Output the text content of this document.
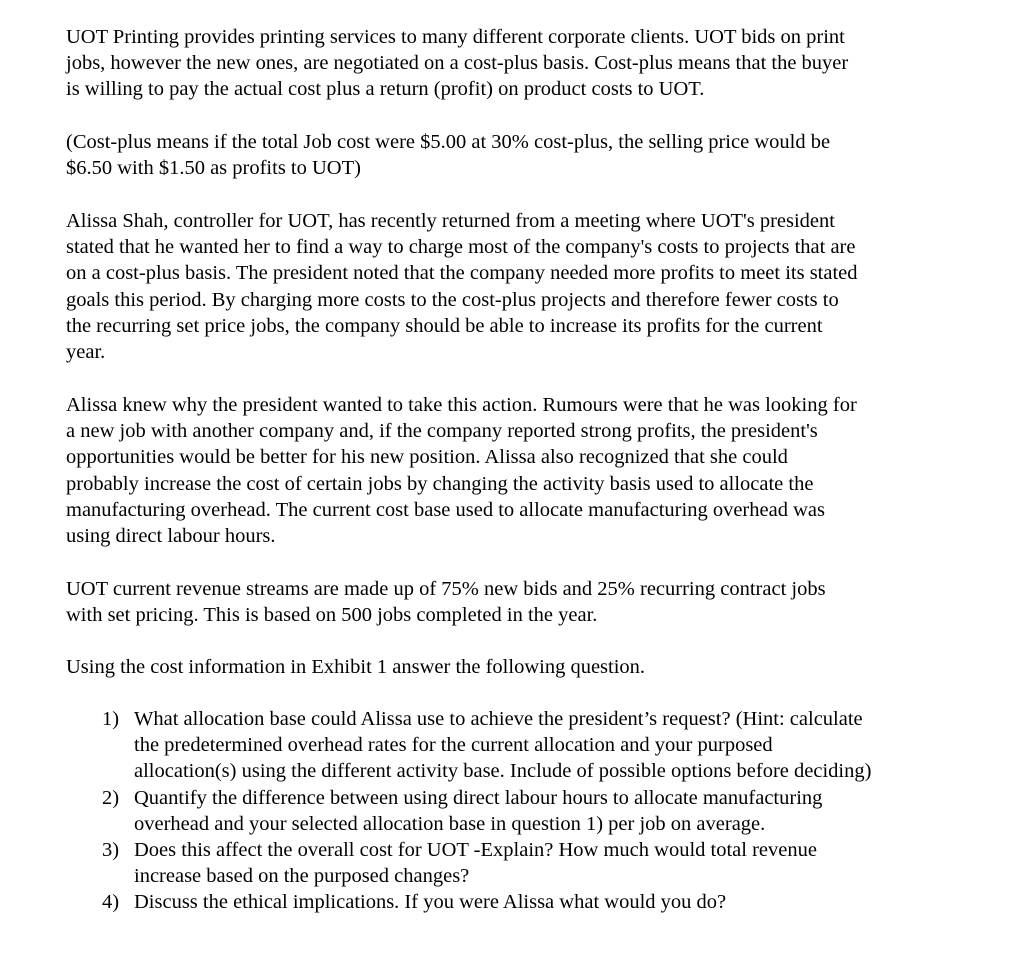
UOT Printing provides printing services to many different corporate clients. UOT bids on print
jobs, however the new ones, are negotiated on a cost-plus basis. Cost-plus means that the buyer
is willing to pay the actual cost plus a return (profit) on product costs to UOT.

(Cost-plus means if the total Job cost were $5.00 at 30% cost-plus, the selling price would be
$6.50 with $1.50 as profits to UOT)

Alissa Shah, controller for UOT, has recently returned from a meeting where UOT's president
stated that he wanted her to find a way to charge most of the company's costs to projects that are
on a cost-plus basis. The president noted that the company needed more profits to meet its stated
goals this period. By charging more costs to the cost-plus projects and therefore fewer costs to
the recurring set price jobs, the company should be able to increase its profits for the current
year.

Alissa knew why the president wanted to take this action. Rumours were that he was looking for
a new job with another company and, if the company reported strong profits, the president's
opportunities would be better for his new position. Alissa also recognized that she could
probably increase the cost of certain jobs by changing the activity basis used to allocate the
manufacturing overhead. The current cost base used to allocate manufacturing overhead was
using direct labour hours.

UOT current revenue streams are made up of 75% new bids and 25% recurring contract jobs
with set pricing. This is based on 500 jobs completed in the year.

Using the cost information in Exhibit 1 answer the following question.

1) What allocation base could Alissa use to achieve the president’s request? (Hint: calculate
the predetermined overhead rates for the current allocation and your purposed
allocation(s) using the different activity base. Include of possible options before deciding)
2) Quantify the difference between using direct labour hours to allocate manufacturing
overhead and your selected allocation base in question 1) per job on average.
3) Does this affect the overall cost for UOT -Explain? How much would total revenue
increase based on the purposed changes?
4) Discuss the ethical implications. If you were Alissa what would you do?
